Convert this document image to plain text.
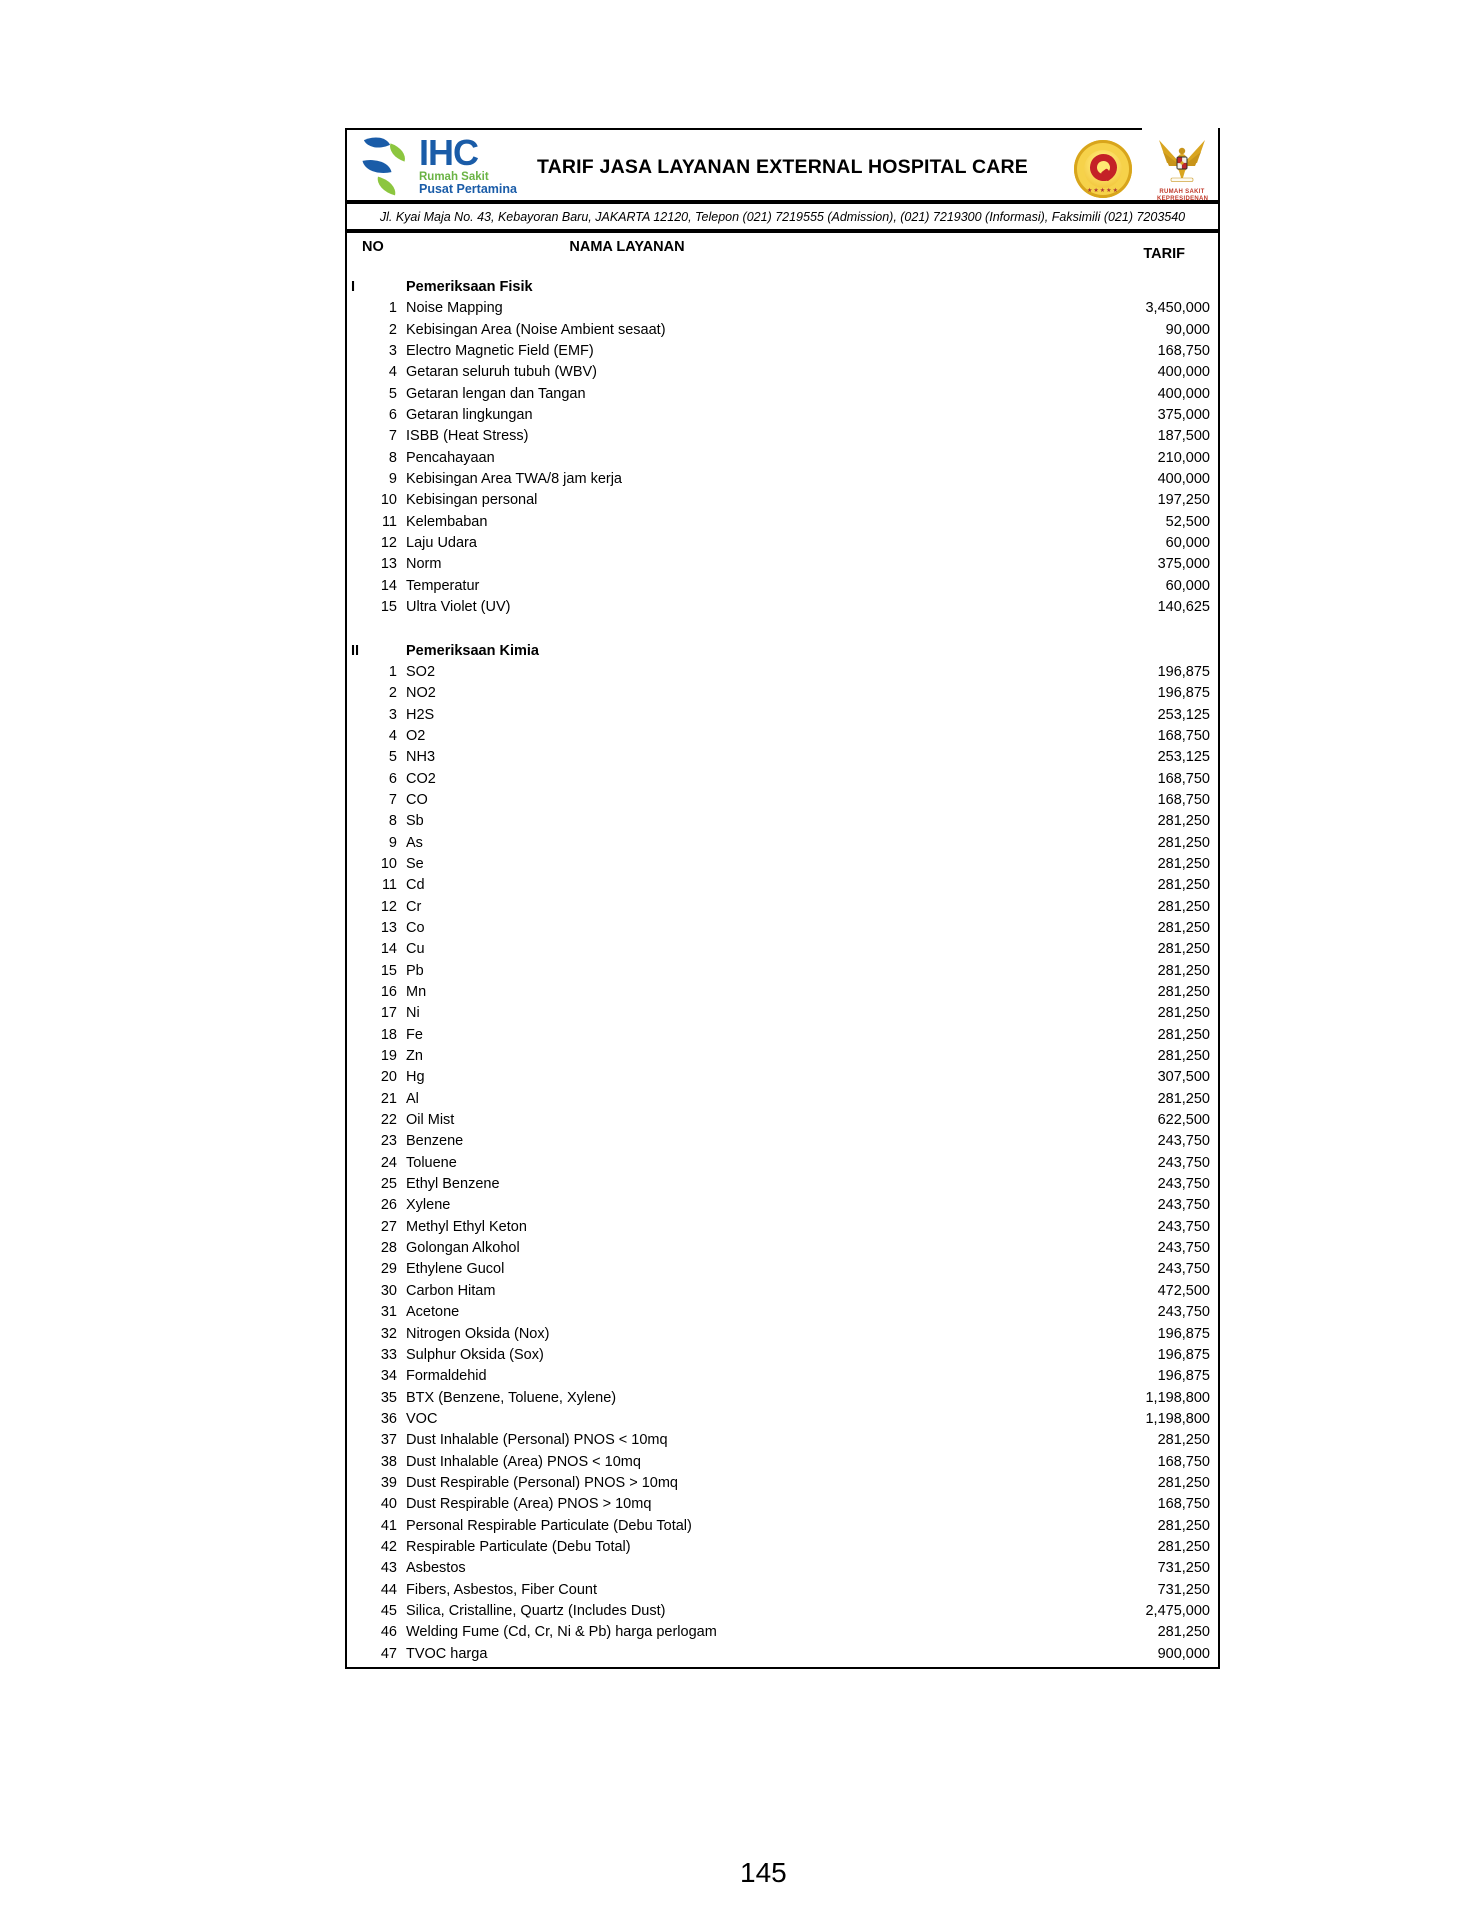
IHC
Rumah Sakit
Pusat Pertamina
TARIF JASA LAYANAN EXTERNAL HOSPITAL CARE
★★★★★	RUMAH SAKIT
KEPRESIDENAN
Jl. Kyai Maja No. 43, Kebayoran Baru, JAKARTA 12120, Telepon (021) 7219555 (Admission), (021) 7219300 (Informasi), Faksimili (021) 7203540
NO	NAMA LAYANAN	TARIF
I	Pemeriksaan Fisik
1 Noise Mapping	3,450,000
2 Kebisingan Area (Noise Ambient sesaat)	90,000
3 Electro Magnetic Field (EMF)	168,750
4 Getaran seluruh tubuh (WBV)	400,000
5 Getaran lengan dan Tangan	400,000
6 Getaran lingkungan	375,000
7 ISBB (Heat Stress)	187,500
8 Pencahayaan	210,000
9 Kebisingan Area TWA/8 jam kerja	400,000
10 Kebisingan personal	197,250
11 Kelembaban	52,500
12 Laju Udara	60,000
13 Norm	375,000
14 Temperatur	60,000
15 Ultra Violet (UV)	140,625
II	Pemeriksaan Kimia
1 SO2	196,875
2 NO2	196,875
3 H2S	253,125
4 O2	168,750
5 NH3	253,125
6 CO2	168,750
7 CO	168,750
8 Sb	281,250
9 As	281,250
10 Se	281,250
11 Cd	281,250
12 Cr	281,250
13 Co	281,250
14 Cu	281,250
15 Pb	281,250
16 Mn	281,250
17 Ni	281,250
18 Fe	281,250
19 Zn	281,250
20 Hg	307,500
21 Al	281,250
22 Oil Mist	622,500
23 Benzene	243,750
24 Toluene	243,750
25 Ethyl Benzene	243,750
26 Xylene	243,750
27 Methyl Ethyl Keton	243,750
28 Golongan Alkohol	243,750
29 Ethylene Gucol	243,750
30 Carbon Hitam	472,500
31 Acetone	243,750
32 Nitrogen Oksida (Nox)	196,875
33 Sulphur Oksida (Sox)	196,875
34 Formaldehid	196,875
35 BTX (Benzene, Toluene, Xylene)	1,198,800
36 VOC	1,198,800
37 Dust Inhalable (Personal) PNOS < 10mq	281,250
38 Dust Inhalable (Area) PNOS < 10mq	168,750
39 Dust Respirable (Personal) PNOS > 10mq	281,250
40 Dust Respirable (Area) PNOS > 10mq	168,750
41 Personal Respirable Particulate (Debu Total)	281,250
42 Respirable Particulate (Debu Total)	281,250
43 Asbestos	731,250
44 Fibers, Asbestos, Fiber Count	731,250
45 Silica, Cristalline, Quartz (Includes Dust)	2,475,000
46 Welding Fume (Cd, Cr, Ni & Pb) harga perlogam	281,250
47 TVOC harga	900,000
145
